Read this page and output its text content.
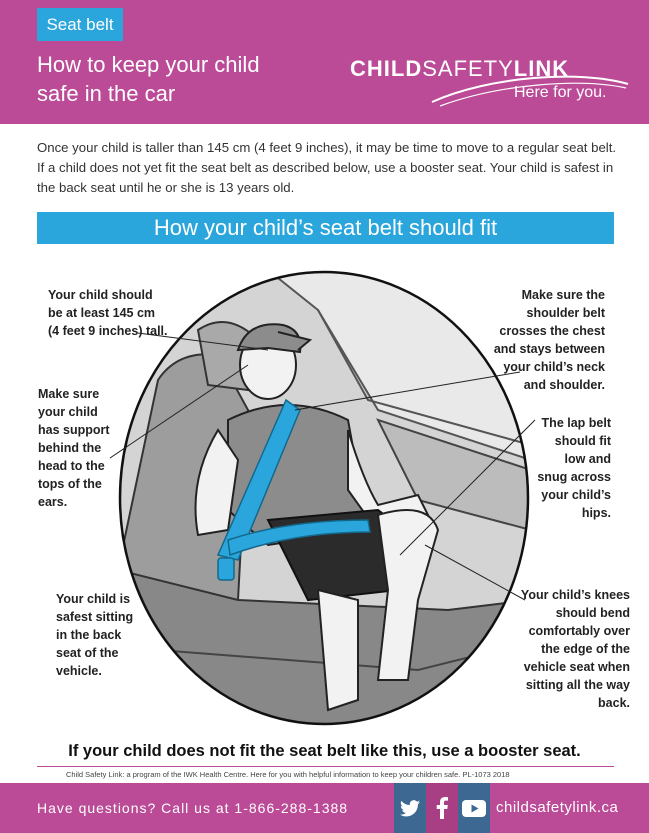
Seat belt
How to keep your child
safe in the car
CHILDSAFETYLINK
Here for you.

Once your child is taller than 145 cm (4 feet 9 inches), it may be time to move to a regular seat belt. If a child does not yet fit the seat belt as described below, use a booster seat. Your child is safest in the back seat until he or she is 13 years old.

How your child’s seat belt should fit
Your child should
be at least 145 cm
(4 feet 9 inches) tall.
Make sure
your child
has support
behind the
head to the
tops of the
ears.
Your child is
safest sitting
in the back
seat of the
vehicle.
Make sure the
shoulder belt
crosses the chest
and stays between
your child’s neck
and shoulder.
The lap belt
should fit
low and
snug across
your child’s
hips.
Your child’s knees
should bend
comfortably over
the edge of the
vehicle seat when
sitting all the way
back.
If your child does not fit the seat belt like this, use a booster seat.
Child Safety Link: a program of the IWK Health Centre. Here for you with helpful information to keep your children safe. PL-1073 2018
Have questions? Call us at 1-866-288-1388	childsafetylink.ca
